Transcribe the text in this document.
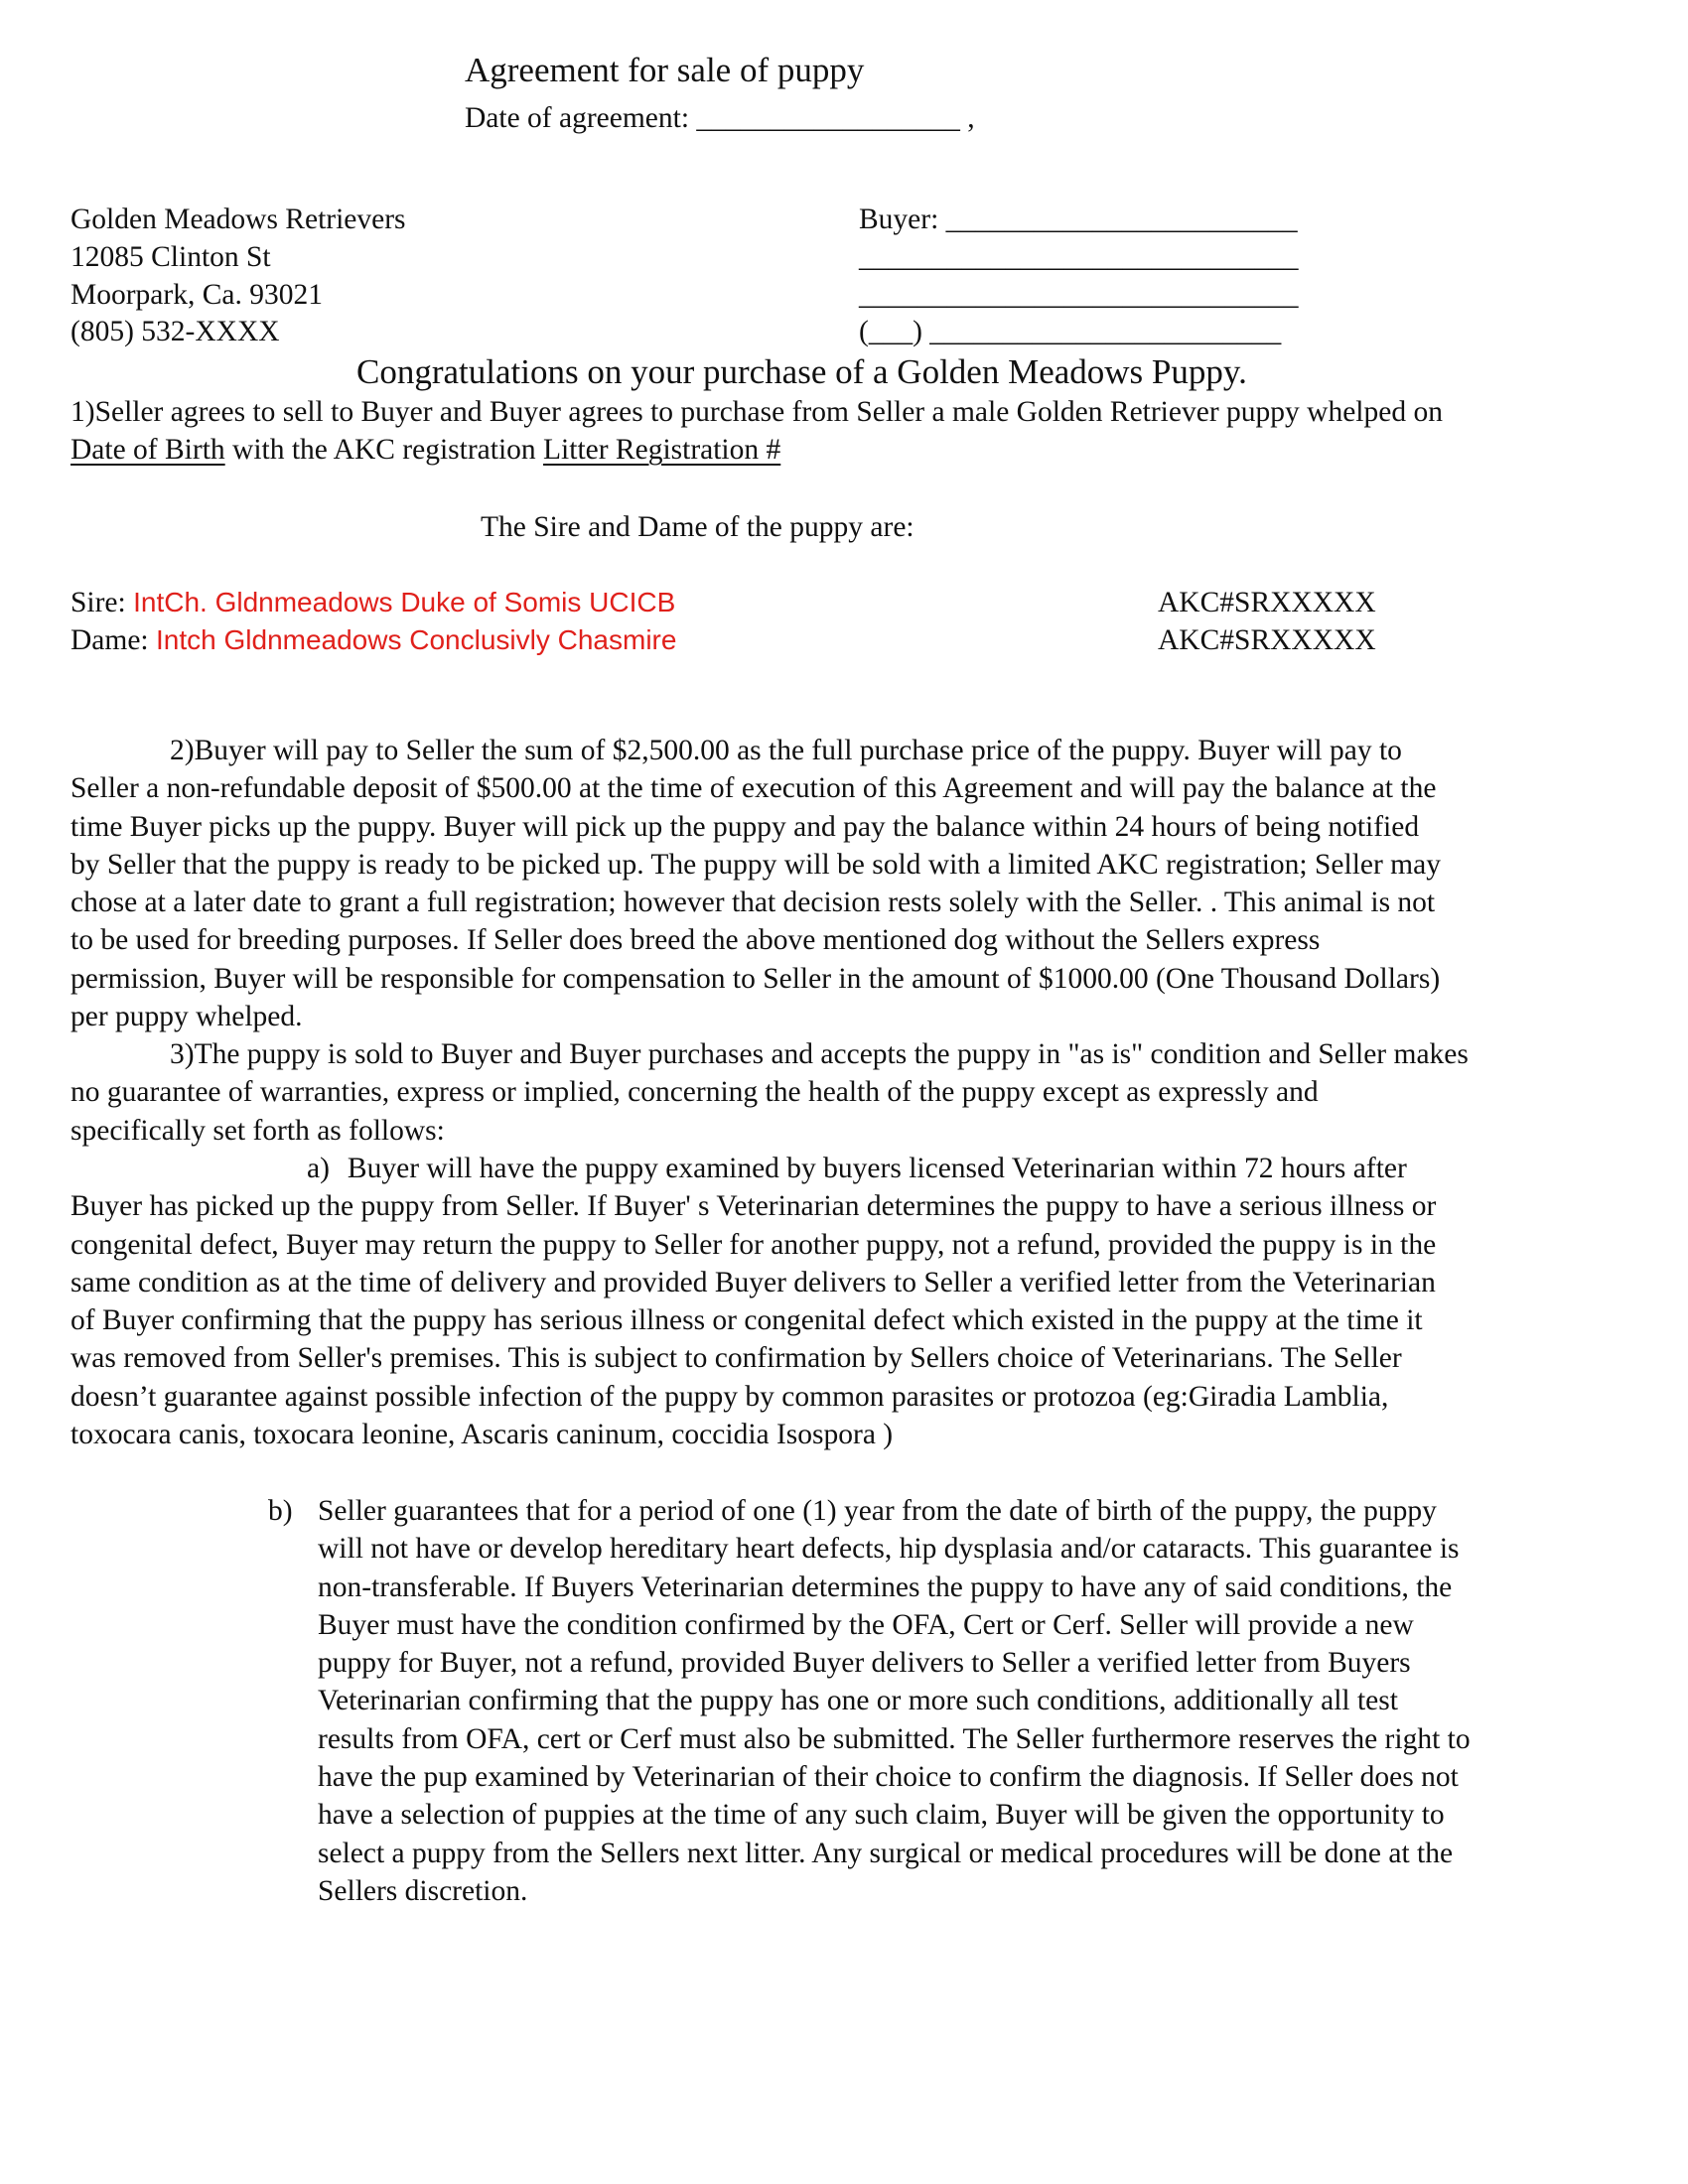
Agreement for sale of puppy
Date of agreement: __________________ ,
Golden Meadows Retrievers
12085 Clinton St
Moorpark, Ca. 93021
(805) 532-XXXX
Buyer: ________________________
______________________________
______________________________
(___) ________________________
Congratulations on your purchase of a Golden Meadows Puppy.
1)Seller agrees to sell to Buyer and Buyer agrees to purchase from Seller a male Golden Retriever puppy whelped on
Date of Birth with the AKC registration Litter Registration #
The Sire and Dame of the puppy are:
Sire: IntCh. Gldnmeadows Duke of Somis UCICB	AKC#SRXXXXX
Dame: Intch Gldnmeadows Conclusivly Chasmire	AKC#SRXXXXX
2)Buyer will pay to Seller the sum of $2,500.00 as the full purchase price of the puppy. Buyer will pay to
Seller a non-refundable deposit of $500.00 at the time of execution of this Agreement and will pay the balance at the
time Buyer picks up the puppy. Buyer will pick up the puppy and pay the balance within 24 hours of being notified
by Seller that the puppy is ready to be picked up. The puppy will be sold with a limited AKC registration; Seller may
chose at a later date to grant a full registration; however that decision rests solely with the Seller. . This animal is not
to be used for breeding purposes. If Seller does breed the above mentioned dog without the Sellers express
permission, Buyer will be responsible for compensation to Seller in the amount of $1000.00 (One Thousand Dollars)
per puppy whelped.
3)The puppy is sold to Buyer and Buyer purchases and accepts the puppy in "as is" condition and Seller makes
no guarantee of warranties, express or implied, concerning the health of the puppy except as expressly and
specifically set forth as follows:
a) Buyer will have the puppy examined by buyers licensed Veterinarian within 72 hours after
Buyer has picked up the puppy from Seller. If Buyer' s Veterinarian determines the puppy to have a serious illness or
congenital defect, Buyer may return the puppy to Seller for another puppy, not a refund, provided the puppy is in the
same condition as at the time of delivery and provided Buyer delivers to Seller a verified letter from the Veterinarian
of Buyer confirming that the puppy has serious illness or congenital defect which existed in the puppy at the time it
was removed from Seller's premises. This is subject to confirmation by Sellers choice of Veterinarians. The Seller
doesn’t guarantee against possible infection of the puppy by common parasites or protozoa (eg:Giradia Lamblia,
toxocara canis, toxocara leonine, Ascaris caninum, coccidia Isospora )
b) Seller guarantees that for a period of one (1) year from the date of birth of the puppy, the puppy
will not have or develop hereditary heart defects, hip dysplasia and/or cataracts. This guarantee is
non-transferable. If Buyers Veterinarian determines the puppy to have any of said conditions, the
Buyer must have the condition confirmed by the OFA, Cert or Cerf. Seller will provide a new
puppy for Buyer, not a refund, provided Buyer delivers to Seller a verified letter from Buyers
Veterinarian confirming that the puppy has one or more such conditions, additionally all test
results from OFA, cert or Cerf must also be submitted. The Seller furthermore reserves the right to
have the pup examined by Veterinarian of their choice to confirm the diagnosis. If Seller does not
have a selection of puppies at the time of any such claim, Buyer will be given the opportunity to
select a puppy from the Sellers next litter. Any surgical or medical procedures will be done at the
Sellers discretion.
